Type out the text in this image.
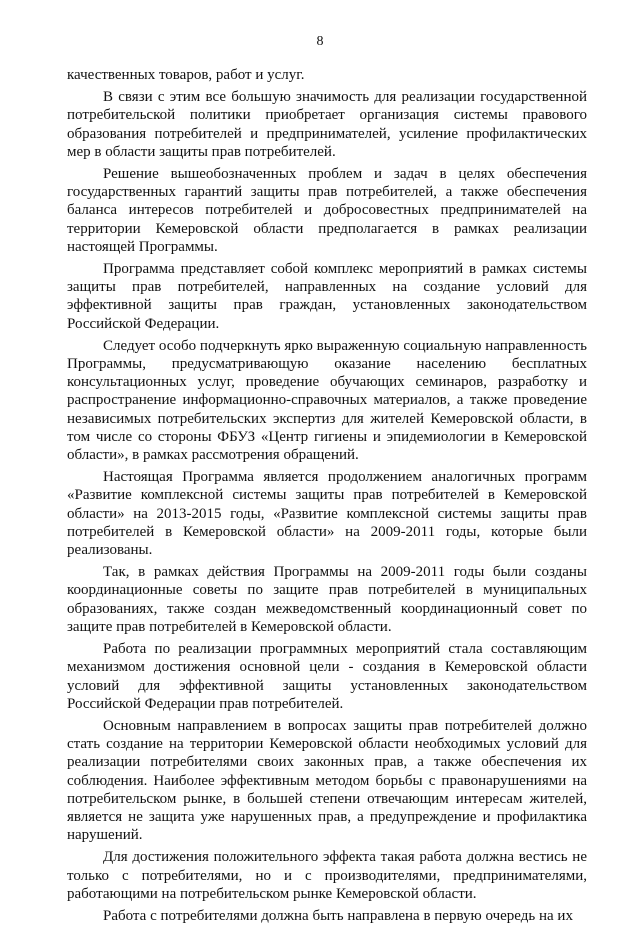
8

качественных товаров, работ и услуг.

В связи с этим все большую значимость для реализации государственной потребительской политики приобретает организация системы правового образования потребителей и предпринимателей, усиление профилактических мер в области защиты прав потребителей.

Решение вышеобозначенных проблем и задач в целях обеспечения государственных гарантий защиты прав потребителей, а также обеспечения баланса интересов потребителей и добросовестных предпринимателей на территории Кемеровской области предполагается в рамках реализации настоящей Программы.

Программа представляет собой комплекс мероприятий в рамках системы защиты прав потребителей, направленных на создание условий для эффективной защиты прав граждан, установленных законодательством Российской Федерации.

Следует особо подчеркнуть ярко выраженную социальную направленность Программы, предусматривающую оказание населению бесплатных консультационных услуг, проведение обучающих семинаров, разработку и распространение информационно-справочных материалов, а также проведение независимых потребительских экспертиз для жителей Кемеровской области, в том числе со стороны ФБУЗ «Центр гигиены и эпидемиологии в Кемеровской области», в рамках рассмотрения обращений.

Настоящая Программа является продолжением аналогичных программ «Развитие комплексной системы защиты прав потребителей в Кемеровской области» на 2013-2015 годы, «Развитие комплексной системы защиты прав потребителей в Кемеровской области» на 2009-2011 годы, которые были реализованы.

Так, в рамках действия Программы на 2009-2011 годы были созданы координационные советы по защите прав потребителей в муниципальных образованиях, также создан межведомственный координационный совет по защите прав потребителей в Кемеровской области.

Работа по реализации программных мероприятий стала составляющим механизмом достижения основной цели - создания в Кемеровской области условий для эффективной защиты установленных законодательством Российской Федерации прав потребителей.

Основным направлением в вопросах защиты прав потребителей должно стать создание на территории Кемеровской области необходимых условий для реализации потребителями своих законных прав, а также обеспечения их соблюдения. Наиболее эффективным методом борьбы с правонарушениями на потребительском рынке, в большей степени отвечающим интересам жителей, является не защита уже нарушенных прав, а предупреждение и профилактика нарушений.

Для достижения положительного эффекта такая работа должна вестись не только с потребителями, но и с производителями, предпринимателями, работающими на потребительском рынке Кемеровской области.

Работа с потребителями должна быть направлена в первую очередь на их
